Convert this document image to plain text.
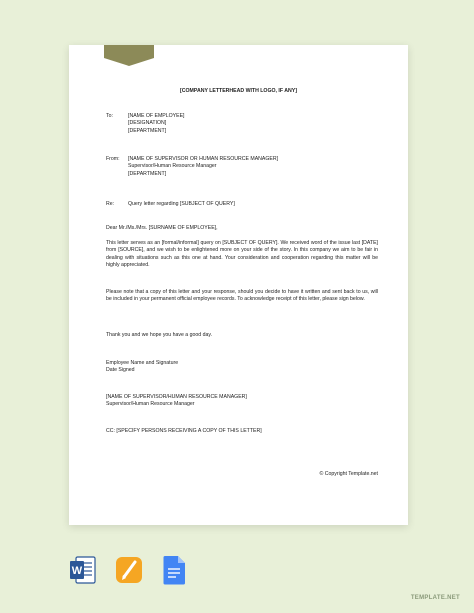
[COMPANY LETTERHEAD WITH LOGO, IF ANY]
To:	[NAME OF EMPLOYEE]
[DESIGNATION]
[DEPARTMENT]
From: [NAME OF SUPERVISOR OR HUMAN RESOURCE MANAGER]
Supervisor/Human Resource Manager
[DEPARTMENT]
Re:	Query letter regarding [SUBJECT OF QUERY]
Dear Mr./Ms./Mrs. [SURNAME OF EMPLOYEE],
This letter serves as an [formal/informal] query on [SUBJECT OF QUERY]. We received word of the issue last [DATE] from [SOURCE], and we wish to be enlightened more on your side of the story. In this company we aim to be fair in dealing with situations such as this one at hand. Your consideration and cooperation regarding this matter will be highly appreciated.
Please note that a copy of this letter and your response, should you decide to have it written and sent back to us, will be included in your permanent official employee records. To acknowledge receipt of this letter, please sign below.
Thank you and we hope you have a good day.
Employee Name and Signature
Date Signed
[NAME OF SUPERVISOR/HUMAN RESOURCE MANAGER]
Supervisor/Human Resource Manager
CC: [SPECIFY PERSONS RECEIVING A COPY OF THIS LETTER]
© Copyright Template.net
W
TEMPLATE.NET
